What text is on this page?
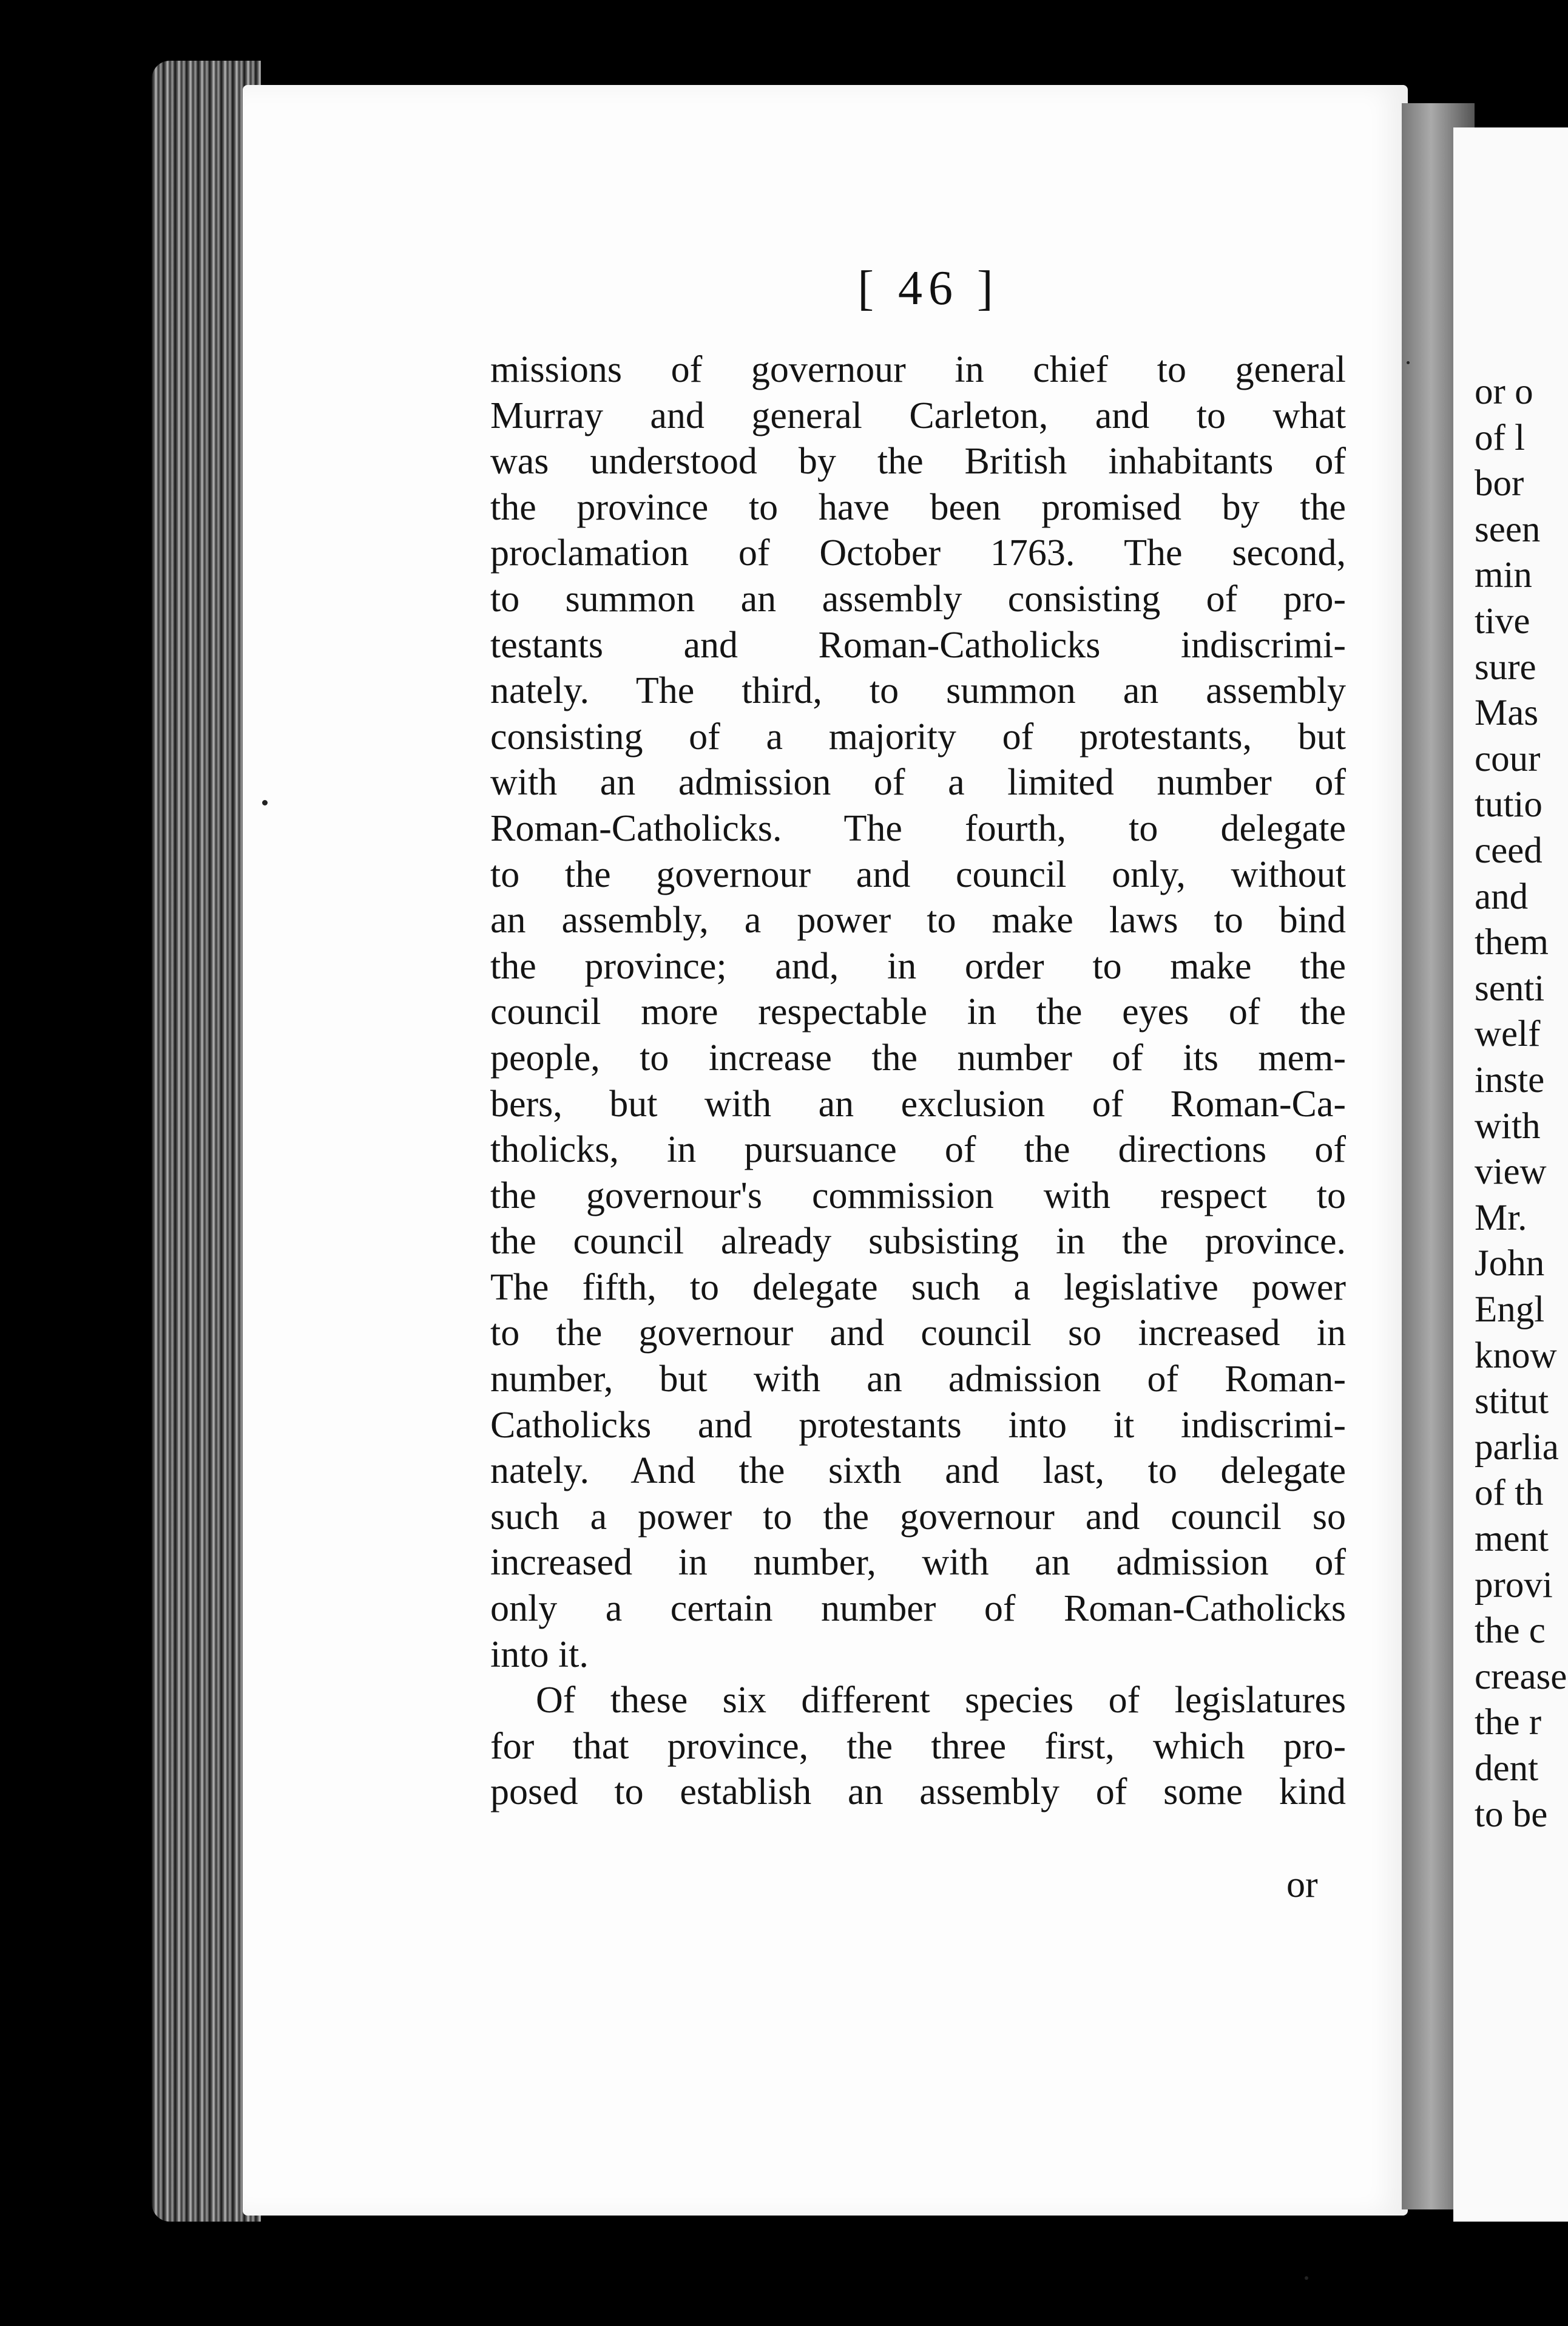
or o
of l
bor
seen
min
tive
sure
Mas
cour
tutio
ceed
and
them
senti
welf
inste
with
view
Mr.
John
Engl
know
stitut
parlia
of th
ment
provi
the c
crease
the r
dent
to be
[ 46 ]
missions of governour in chief to general
Murray and general Carleton, and to what
was understood by the British inhabitants of
the province to have been promised by the
proclamation of October 1763. The second,
to summon an assembly consisting of pro-
testants and Roman-Catholicks indiscrimi-
nately. The third, to summon an assembly
consisting of a majority of protestants, but
with an admission of a limited number of
Roman-Catholicks. The fourth, to delegate
to the governour and council only, without
an assembly, a power to make laws to bind
the province; and, in order to make the
council more respectable in the eyes of the
people, to increase the number of its mem-
bers, but with an exclusion of Roman-Ca-
tholicks, in pursuance of the directions of
the governour's commission with respect to
the council already subsisting in the province.
The fifth, to delegate such a legislative power
to the governour and council so increased in
number, but with an admission of Roman-
Catholicks and protestants into it indiscrimi-
nately. And the sixth and last, to delegate
such a power to the governour and council so
increased in number, with an admission of
only a certain number of Roman-Catholicks
into it.
Of these six different species of legislatures
for that province, the three first, which pro-
posed to establish an assembly of some kind
or
